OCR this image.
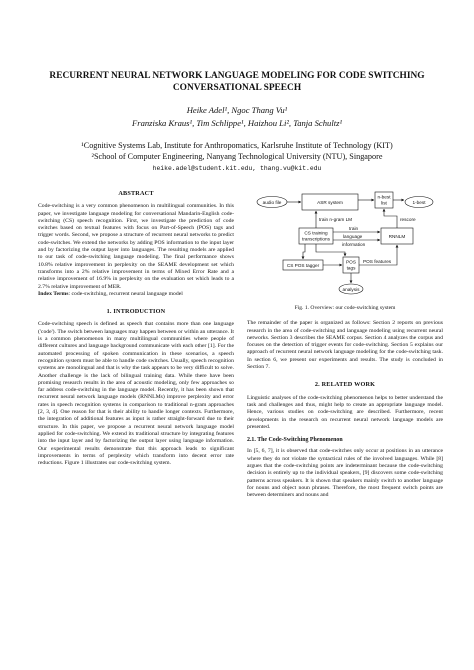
RECURRENT NEURAL NETWORK LANGUAGE MODELING FOR CODE SWITCHING
CONVERSATIONAL SPEECH
Heike Adel¹, Ngoc Thang Vu¹
Franziska Kraus¹, Tim Schlippe¹, Haizhou Li², Tanja Schultz¹
¹Cognitive Systems Lab, Institute for Anthropomatics, Karlsruhe Institute of Technology (KIT)
²School of Computer Engineering, Nanyang Technological University (NTU), Singapore
heike.adel@student.kit.edu, thang.vu@kit.edu
ABSTRACT
Code-switching is a very common phenomenon in multilingual communities. In this paper, we investigate language modeling for conversational Mandarin-English code-switching (CS) speech recognition. First, we investigate the prediction of code switches based on textual features with focus on Part-of-Speech (POS) tags and trigger words. Second, we propose a structure of recurrent neural networks to predict code-switches. We extend the networks by adding POS information to the input layer and by factorizing the output layer into languages. The resulting models are applied to our task of code-switching language modeling. The final performance shows 10.8% relative improvement in perplexity on the SEAME development set which transforms into a 2% relative improvement in terms of Mixed Error Rate and a relative improvement of 16.9% in perplexity on the evaluation set which leads to a 2.7% relative improvement of MER.
Index Terms: code-switching, recurrent neural language model
1. INTRODUCTION
Code-switching speech is defined as speech that contains more than one language ('code'). The switch between languages may happen between or within an utterance. It is a common phenomenon in many multilingual communities where people of different cultures and language background communicate with each other [1]. For the automated processing of spoken communication in these scenarios, a speech recognition system must be able to handle code switches. Usually, speech recognition systems are monolingual and that is why the task appears to be very difficult to solve. Another challenge is the lack of bilingual training data. While there have been promising research results in the area of acoustic modeling, only few approaches so far address code-switching in the language model. Recently, it has been shown that recurrent neural network language models (RNNLMs) improve perplexity and error rates in speech recognition systems in comparison to traditional n-gram approaches [2, 3, 4]. One reason for that is their ability to handle longer contexts. Furthermore, the integration of additional features as input is rather straight-forward due to their structure. In this paper, we propose a recurrent neural network language model applied for code-switching. We extend its traditional structure by integrating features into the input layer and by factorizing the output layer using language information. Our experimental results demonstrate that this approach leads to significant improvements in terms of perplexity which transform into decent error rate reductions. Figure 1 illustrates our code-switching system.
audio file	ASR system
n-best
list	1-best
CS training
transcriptions
RNNLM
CS POS tagger
POS
tags
analysis
train n-gram LM	rescore
train
language
information
POS features
Fig. 1. Overview: our code-switching system
The remainder of the paper is organized as follows: Section 2 reports on previous research in the area of code-switching and language modeling using recurrent neural networks. Section 3 describes the SEAME corpus. Section 4 analyzes the corpus and focuses on the detection of trigger events for code-switching. Section 5 explains our approach of recurrent neural network language modeling for the code-switching task. In section 6, we present our experiments and results. The study is concluded in Section 7.
2. RELATED WORK
Linguistic analyses of the code-switching phenomenon helps to better understand the task and challenges and thus, might help to create an appropriate language model. Hence, various studies on code-switching are described. Furthermore, recent developments in the research on recurrent neural network language models are presented.
2.1. The Code-Switching Phenomenon
In [5, 6, 7], it is observed that code-switches only occur at positions in an utterance where they do not violate the syntactical rules of the involved languages. While [8] argues that the code-switching points are indeterminant because the code-switching decision is entirely up to the individual speakers, [9] discovers some code-switching patterns across speakers. It is shown that speakers mainly switch to another language for nouns and object noun phrases. Therefore, the most frequent switch points are between determiners and nouns and
